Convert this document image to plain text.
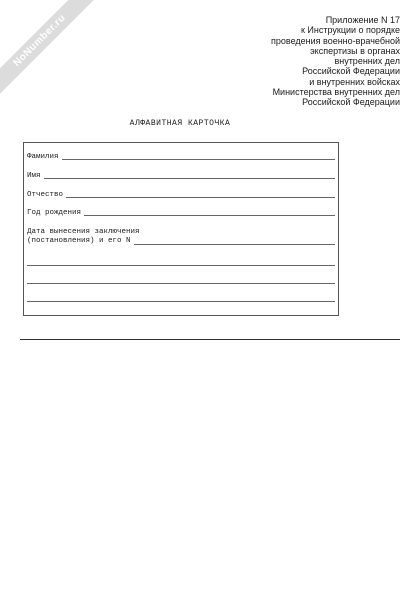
NoNumber.ru	Приложение N 17
к Инструкции о порядке
проведения военно-врачебной
экспертизы в органах
внутренних дел
Российской Федерации
и внутренних войсках
Министерства внутренних дел
Российской Федерации
АЛФАВИТНАЯ КАРТОЧКА
Фамилия
Имя
Отчество
Год рождения
Дата вынесения заключения
(постановления) и его N
